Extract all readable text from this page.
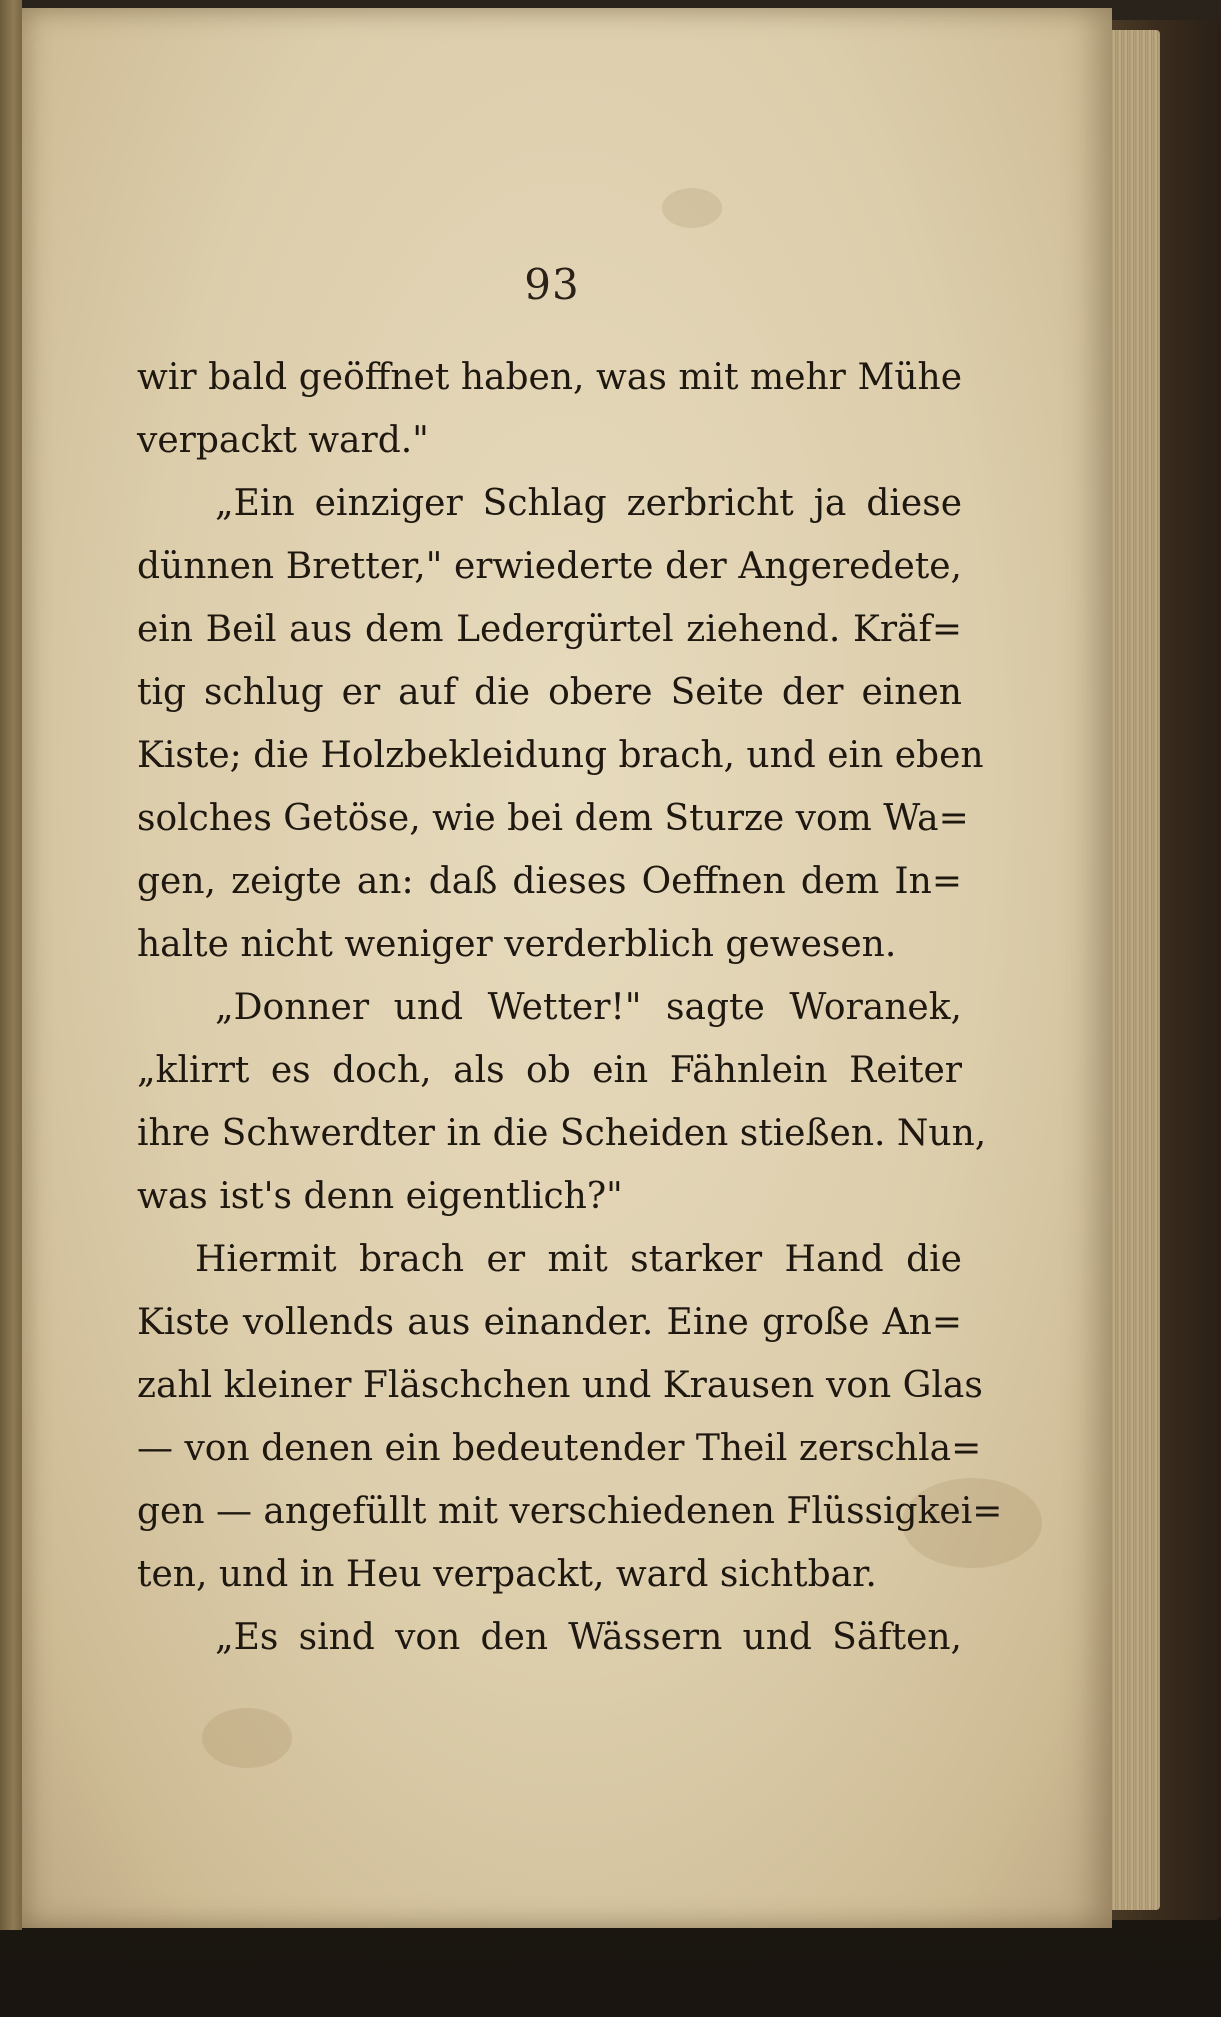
93
wir bald geöffnet haben, was mit mehr Mühe
verpackt ward."
„Ein einziger Schlag zerbricht ja diese
dünnen Bretter," erwiederte der Angeredete,
ein Beil aus dem Ledergürtel ziehend. Kräf=
tig schlug er auf die obere Seite der einen
Kiste; die Holzbekleidung brach, und ein eben
solches Getöse, wie bei dem Sturze vom Wa=
gen, zeigte an: daß dieses Oeffnen dem In=
halte nicht weniger verderblich gewesen.
„Donner und Wetter!" sagte Woranek,
„klirrt es doch, als ob ein Fähnlein Reiter
ihre Schwerdter in die Scheiden stießen. Nun,
was ist's denn eigentlich?"
Hiermit brach er mit starker Hand die
Kiste vollends aus einander. Eine große An=
zahl kleiner Fläschchen und Krausen von Glas
— von denen ein bedeutender Theil zerschla=
gen — angefüllt mit verschiedenen Flüssigkei=
ten, und in Heu verpackt, ward sichtbar.
„Es sind von den Wässern und Säften,
